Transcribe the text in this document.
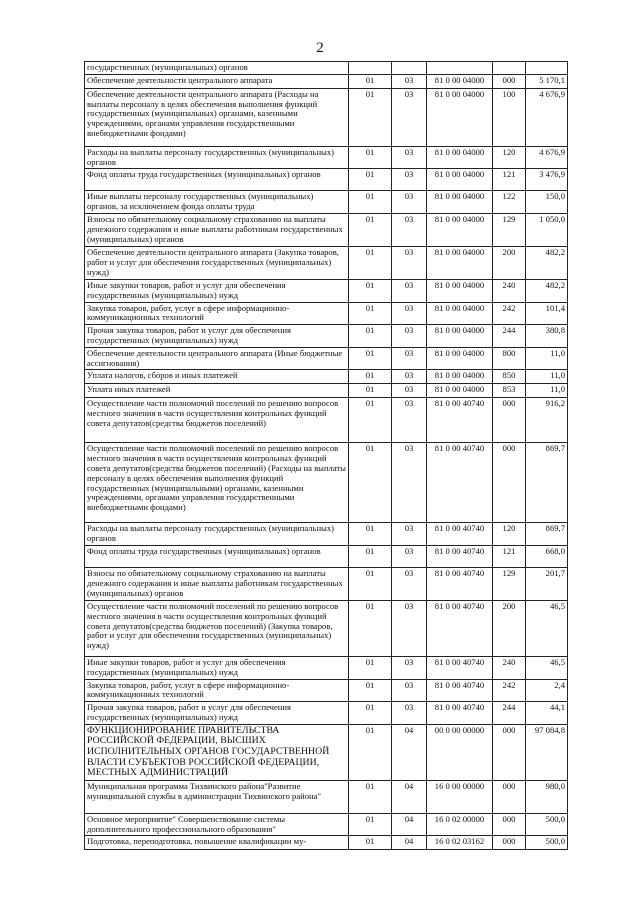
2
государственных (муниципальных) органов					
Обеспечение деятельности центрального аппарата	01	03	81 0 00 04000	000	5 170,1
Обеспечение деятельности центрального аппарата (Расходы на выплаты персоналу в целях обеспечения выполнения функций государственных (муниципальных) органами, казенными учреждениями, органами управления государственными внебюджетными фондами)	01	03	81 0 00 04000	100	4 676,9
Расходы на выплаты персоналу государственных (муниципальных) органов	01	03	81 0 00 04000	120	4 676,9
Фонд оплаты труда государственных (муниципальных) органов	01	03	81 0 00 04000	121	3 476,9
Иные выплаты персоналу государственных (муниципальных) органов, за исключением фонда оплаты труда	01	03	81 0 00 04000	122	150,0
Взносы по обязательному социальному страхованию на выплаты денежного содержания и иные выплаты работникам государственных (муниципальных) органов	01	03	81 0 00 04000	129	1 050,0
Обеспечение деятельности центрального аппарата (Закупка товаров, работ и услуг для обеспечения государственных (муниципальных) нужд)	01	03	81 0 00 04000	200	482,2
Иные закупки товаров, работ и услуг для обеспечения государственных (муниципальных) нужд	01	03	81 0 00 04000	240	482,2
Закупка товаров, работ, услуг в сфере информационно-коммуникационных технологий	01	03	81 0 00 04000	242	101,4
Прочая закупка товаров, работ и услуг для обеспечения государственных (муниципальных) нужд	01	03	81 0 00 04000	244	380,8
Обеспечение деятельности центрального аппарата (Иные бюджетные ассигнования)	01	03	81 0 00 04000	800	11,0
Уплата налогов, сборов и иных платежей	01	03	81 0 00 04000	850	11,0
Уплата иных платежей	01	03	81 0 00 04000	853	11,0
Осуществление части полномочий поселений по решению вопросов местного значения в части осуществления контрольных функций совета депутатов(средства бюджетов поселений)	01	03	81 0 00 40740	000	916,2
Осуществление части полномочий поселений по решению вопросов местного значения в части осуществления контрольных функций совета депутатов(средства бюджетов поселений) (Расходы на выплаты персоналу в целях обеспечения выполнения функций государственных (муниципальными) органами, казенными учреждениями, органами управления государственными внебюджетными фондами)	01	03	81 0 00 40740	000	869,7
Расходы на выплаты персоналу государственных (муниципальных) органов	01	03	81 0 00 40740	120	869,7
Фонд оплаты труда государственных (муниципальных) органов	01	03	81 0 00 40740	121	668,0
Взносы по обязательному социальному страхованию на выплаты денежного содержания и иные выплаты работникам государственных (муниципальных) органов	01	03	81 0 00 40740	129	201,7
Осуществление части полномочий поселений по решению вопросов местного значения в части осуществления контрольных функций совета депутатов(средства бюджетов поселений) (Закупка товаров, работ и услуг для обеспечения государственных (муниципальных) нужд)	01	03	81 0 00 40740	200	46,5
Иные закупки товаров, работ и услуг для обеспечения государственных (муниципальных) нужд	01	03	81 0 00 40740	240	46,5
Закупка товаров, работ, услуг в сфере информационно-коммуникационных технологий	01	03	81 0 00 40740	242	2,4
Прочая закупка товаров, работ и услуг для обеспечения государственных (муниципальных) нужд	01	03	81 0 00 40740	244	44,1
ФУНКЦИОНИРОВАНИЕ ПРАВИТЕЛЬСТВА РОССИЙСКОЙ ФЕДЕРАЦИИ, ВЫСШИХ ИСПОЛНИТЕЛЬНЫХ ОРГАНОВ ГОСУДАРСТВЕННОЙ ВЛАСТИ СУБЪЕКТОВ РОССИЙСКОЙ ФЕДЕРАЦИИ, МЕСТНЫХ АДМИНИСТРАЦИЙ	01	04	00 0 00 00000	000	97 084,8
Муниципальная программа Тихвинского района"Развитие муниципальной службы в администрации Тихвинского района"	01	04	16 0 00 00000	000	980,0
Основное мероприятие" Совершенствование системы дополнительного профессионального образования"	01	04	16 0 02 00000	000	500,0
Подготовка, переподготовка, повышение квалификации му-	01	04	16 0 02 03162	000	500,0
